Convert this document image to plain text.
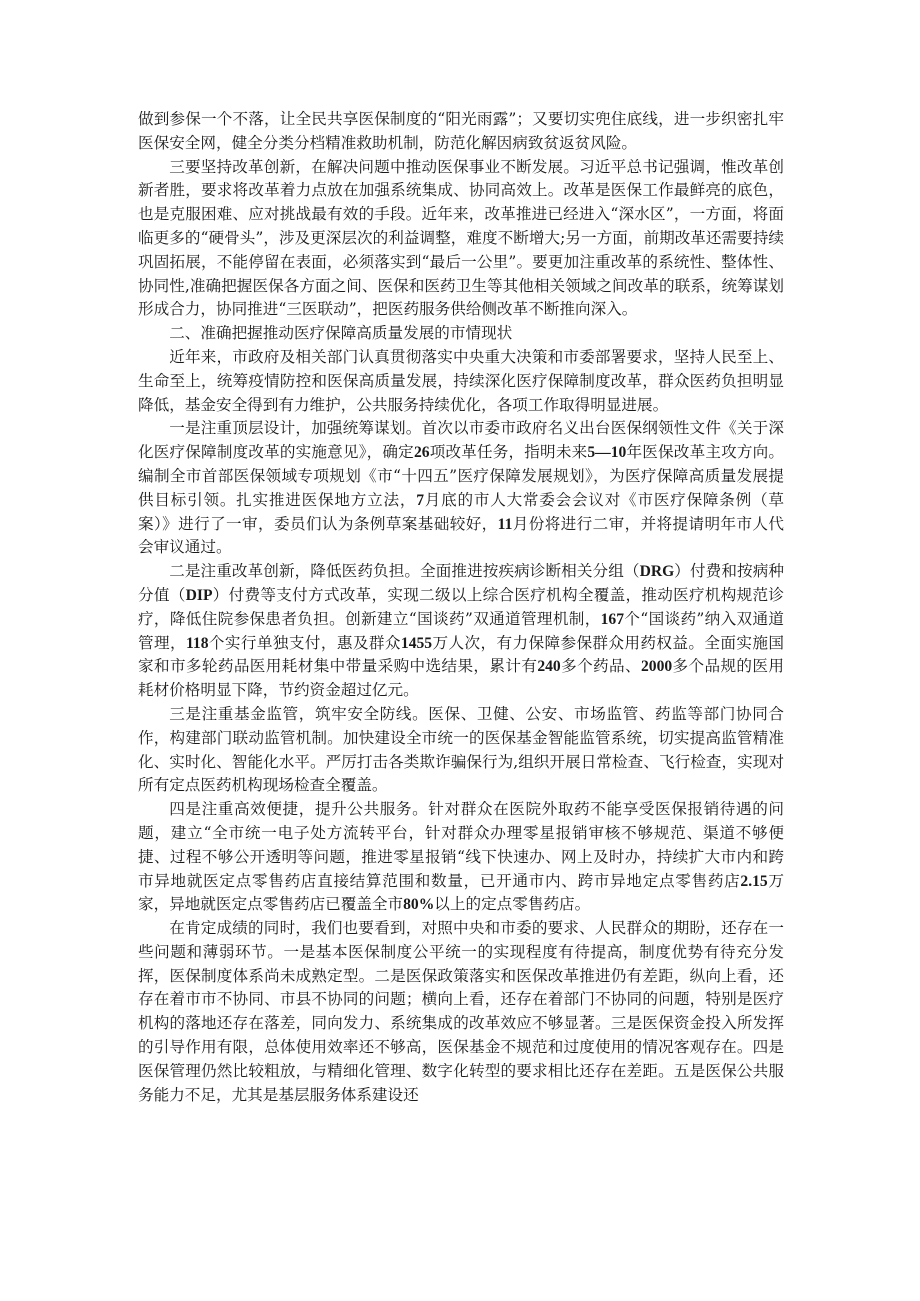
做到参保一个不落，让全民共享医保制度的“阳光雨露”；又要切实兜住底线，进一步织密扎牢医保安全网，健全分类分档精准救助机制，防范化解因病致贫返贫风险。

三要坚持改革创新，在解决问题中推动医保事业不断发展。习近平总书记强调，惟改革创新者胜，要求将改革着力点放在加强系统集成、协同高效上。改革是医保工作最鲜亮的底色，也是克服困难、应对挑战最有效的手段。近年来，改革推进已经进入“深水区”，一方面，将面临更多的“硬骨头”，涉及更深层次的利益调整，难度不断增大;另一方面，前期改革还需要持续巩固拓展，不能停留在表面，必须落实到“最后一公里”。要更加注重改革的系统性、整体性、协同性,准确把握医保各方面之间、医保和医药卫生等其他相关领域之间改革的联系，统筹谋划形成合力，协同推进“三医联动”，把医药服务供给侧改革不断推向深入。

二、准确把握推动医疗保障高质量发展的市情现状

近年来，市政府及相关部门认真贯彻落实中央重大决策和市委部署要求，坚持人民至上、生命至上，统筹疫情防控和医保高质量发展，持续深化医疗保障制度改革，群众医药负担明显降低，基金安全得到有力维护，公共服务持续优化，各项工作取得明显进展。

一是注重顶层设计，加强统筹谋划。首次以市委市政府名义出台医保纲领性文件《关于深化医疗保障制度改革的实施意见》，确定26项改革任务，指明未来5—10年医保改革主攻方向。编制全市首部医保领域专项规划《市“十四五”医疗保障发展规划》，为医疗保障高质量发展提供目标引领。扎实推进医保地方立法，7月底的市人大常委会会议对《市医疗保障条例（草案）》进行了一审，委员们认为条例草案基础较好，11月份将进行二审，并将提请明年市人代会审议通过。

二是注重改革创新，降低医药负担。全面推进按疾病诊断相关分组（DRG）付费和按病种分值（DIP）付费等支付方式改革，实现二级以上综合医疗机构全覆盖，推动医疗机构规范诊疗，降低住院参保患者负担。创新建立“国谈药”双通道管理机制，167个“国谈药”纳入双通道管理，118个实行单独支付，惠及群众1455万人次，有力保障参保群众用药权益。全面实施国家和市多轮药品医用耗材集中带量采购中选结果，累计有240多个药品、2000多个品规的医用耗材价格明显下降，节约资金超过亿元。

三是注重基金监管，筑牢安全防线。医保、卫健、公安、市场监管、药监等部门协同合作，构建部门联动监管机制。加快建设全市统一的医保基金智能监管系统，切实提高监管精准化、实时化、智能化水平。严厉打击各类欺诈骗保行为,组织开展日常检查、飞行检查，实现对所有定点医药机构现场检查全覆盖。

四是注重高效便捷，提升公共服务。针对群众在医院外取药不能享受医保报销待遇的问题，建立“全市统一电子处方流转平台，针对群众办理零星报销审核不够规范、渠道不够便捷、过程不够公开透明等问题，推进零星报销“线下快速办、网上及时办，持续扩大市内和跨市异地就医定点零售药店直接结算范围和数量，已开通市内、跨市异地定点零售药店2.15万家，异地就医定点零售药店已覆盖全市80%以上的定点零售药店。

在肯定成绩的同时，我们也要看到，对照中央和市委的要求、人民群众的期盼，还存在一些问题和薄弱环节。一是基本医保制度公平统一的实现程度有待提高，制度优势有待充分发挥，医保制度体系尚未成熟定型。二是医保政策落实和医保改革推进仍有差距，纵向上看，还存在着市市不协同、市县不协同的问题；横向上看，还存在着部门不协同的问题，特别是医疗机构的落地还存在落差，同向发力、系统集成的改革效应不够显著。三是医保资金投入所发挥的引导作用有限，总体使用效率还不够高，医保基金不规范和过度使用的情况客观存在。四是医保管理仍然比较粗放，与精细化管理、数字化转型的要求相比还存在差距。五是医保公共服务能力不足，尤其是基层服务体系建设还
